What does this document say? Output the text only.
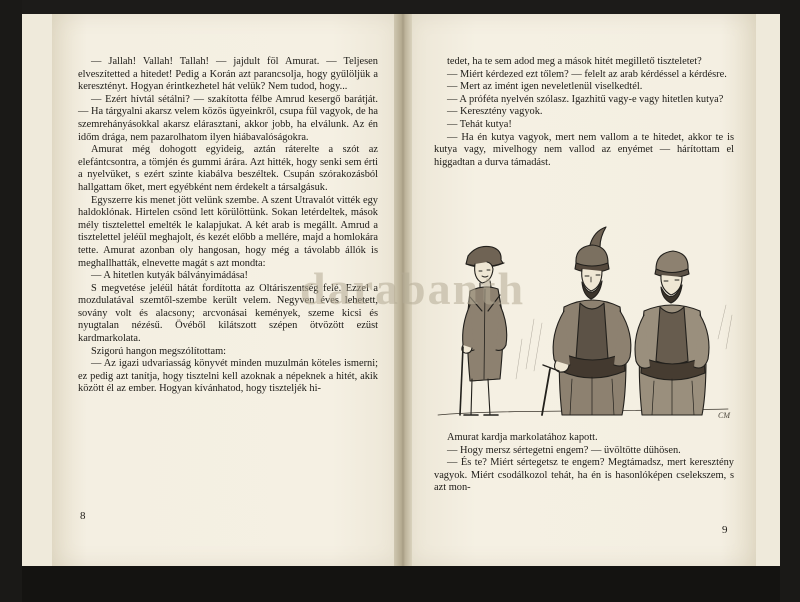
— Jallah! Vallah! Tallah! — jajdult föl Amurat. — Teljesen elveszítetted a hitedet! Pedig a Korán azt parancsolja, hogy gyűlöljük a keresztényt. Hogyan érintkezhetel hát velük? Nem tudod, hogy...

— Ezért hívtál sétálni? — szakította félbe Amrud kesergő barátját. — Ha tárgyalni akarsz velem közös ügyeinkről, csupa fül vagyok, de ha szemrehányásokkal akarsz elárasztani, akkor jobb, ha elválunk. Az én időm drága, nem pazarolhatom ilyen hiábavalóságokra.

Amurat még dohogott egyideig, aztán ráterelte a szót az elefántcsontra, a tömjén és gummi árára. Azt hitték, hogy senki sem érti a nyelvüket, s ezért szinte kiabálva beszéltek. Csupán szórakozásból hallgattam őket, mert egyébként nem érdekelt a társalgásuk.

Egyszerre kis menet jött velünk szembe. A szent Utravalót vitték egy haldoklónak. Hirtelen csönd lett körülöttünk. Sokan letérdeltek, mások mély tisztelettel emelték le kalapjukat. A két arab is megállt. Amrud a tisztelettel jeléül meghajolt, és kezét előbb a mellére, majd a homlokára tette. Amurat azonban oly hangosan, hogy még a távolabb állók is meghallhatták, elnevette magát s azt mondta:

— A hitetlen kutyák bálványimádása!

S megvetése jeléül hátát fordította az Oltáriszentség felé. Ezzel a mozdulatával szemtől-szembe került velem. Negyven éves lehetett, sovány volt és alacsony; arcvonásai kemények, szeme kicsi és nyugtalan nézésű. Övéből kilátszott szépen ötvözött ezüst kardmarkolata.

Szigorú hangon megszólítottam:

— Az igazi udvariasság könyvét minden muzulmán köteles ismerni; ez pedig azt tanítja, hogy tisztelni kell azoknak a népeknek a hitét, akik között él az ember. Hogyan kívánhatod, hogy tiszteljék hi-

8

tedet, ha te sem adod meg a mások hitét megillető tiszteletet?

— Miért kérdezed ezt tőlem? — felelt az arab kérdéssel a kérdésre.

— Mert az imént igen neveletlenül viselkedtél.

— A próféta nyelvén szólasz. Igazhitű vagy-e vagy hitetlen kutya?

— Keresztény vagyok.

— Tehát kutya!

— Ha én kutya vagyok, mert nem vallom a te hitedet, akkor te is kutya vagy, mivelhogy nem vallod az enyémet — hárítottam el higgadtan a durva támadást.

CM

Amurat kardja markolatához kapott.

— Hogy mersz sértegetni engem? — üvöltötte dühösen.

— És te? Miért sértegetsz te engem? Megtámadsz, mert keresztény vagyok. Miért csodálkozol tehát, ha én is hasonlóképen cselekszem, s azt mon-

9
darabanth
